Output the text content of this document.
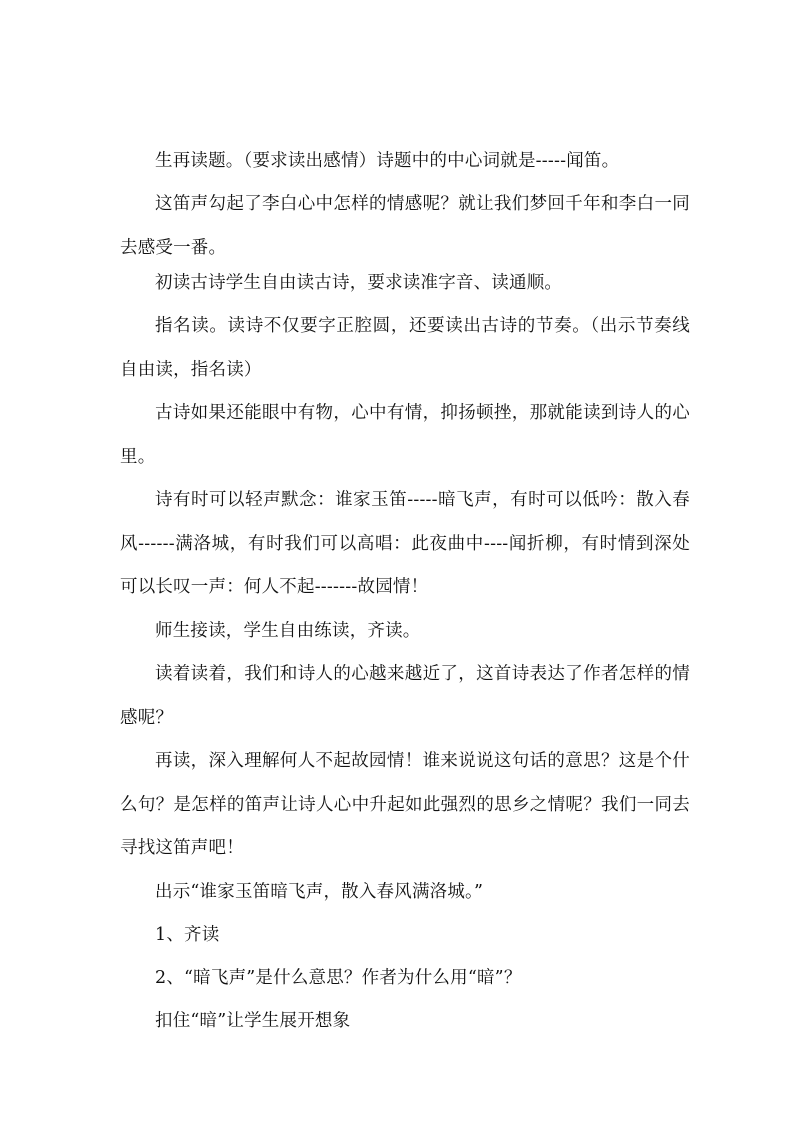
生再读题。（要求读出感情）诗题中的中心词就是-----闻笛。

这笛声勾起了李白心中怎样的情感呢？就让我们梦回千年和李白一同去感受一番。

初读古诗学生自由读古诗，要求读准字音、读通顺。

指名读。读诗不仅要字正腔圆，还要读出古诗的节奏。（出示节奏线自由读，指名读）

古诗如果还能眼中有物，心中有情，抑扬顿挫，那就能读到诗人的心里。

诗有时可以轻声默念：谁家玉笛-----暗飞声，有时可以低吟：散入春风------满洛城，有时我们可以高唱：此夜曲中----闻折柳，有时情到深处可以长叹一声：何人不起-------故园情！

师生接读，学生自由练读，齐读。

读着读着，我们和诗人的心越来越近了，这首诗表达了作者怎样的情感呢？

再读，深入理解何人不起故园情！谁来说说这句话的意思？这是个什么句？是怎样的笛声让诗人心中升起如此强烈的思乡之情呢？我们一同去寻找这笛声吧！

出示“谁家玉笛暗飞声，散入春风满洛城。”

1、齐读

2、“暗飞声”是什么意思？作者为什么用“暗”？

扣住“暗”让学生展开想象
